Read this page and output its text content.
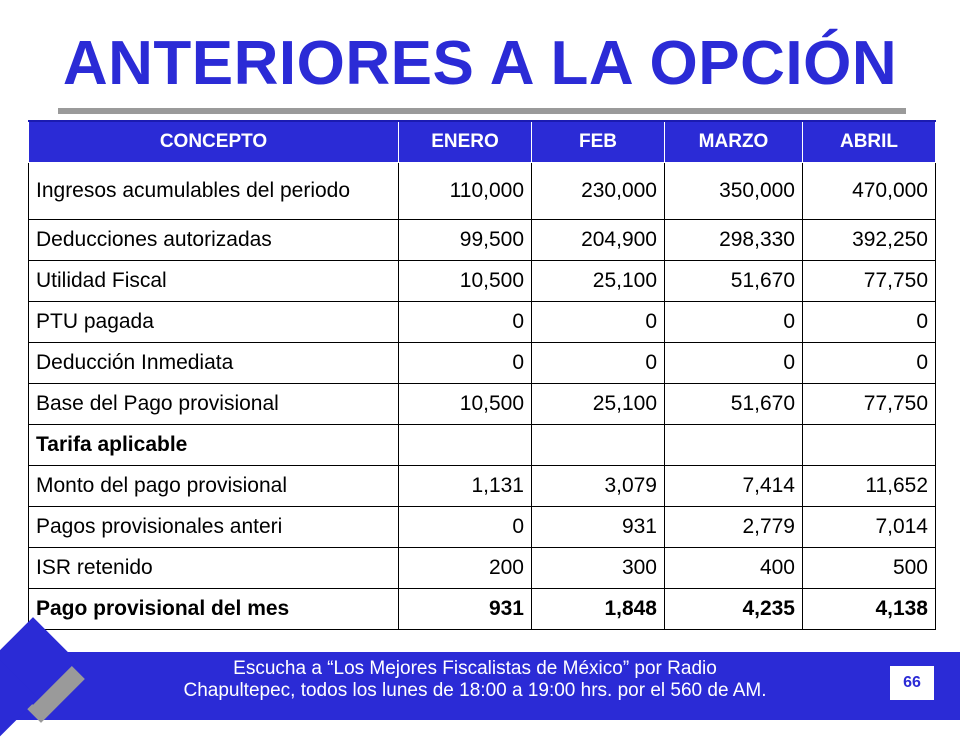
ANTERIORES A LA OPCIÓN
CONCEPTO	ENERO	FEB	MARZO	ABRIL
Ingresos acumulables del periodo	110,000	230,000	350,000	470,000
Deducciones autorizadas	99,500	204,900	298,330	392,250
Utilidad Fiscal	10,500	25,100	51,670	77,750
PTU pagada	0	0	0	0
Deducción Inmediata	0	0	0	0
Base del Pago provisional	10,500	25,100	51,670	77,750
Tarifa aplicable				
Monto del pago provisional	1,131	3,079	7,414	11,652
Pagos provisionales anteri	0	931	2,779	7,014
ISR retenido	200	300	400	500
Pago provisional del mes	931	1,848	4,235	4,138
Escucha a “Los Mejores Fiscalistas de México” por Radio
Chapultepec, todos los lunes de 18:00 a 19:00 hrs. por el 560 de AM.	66
